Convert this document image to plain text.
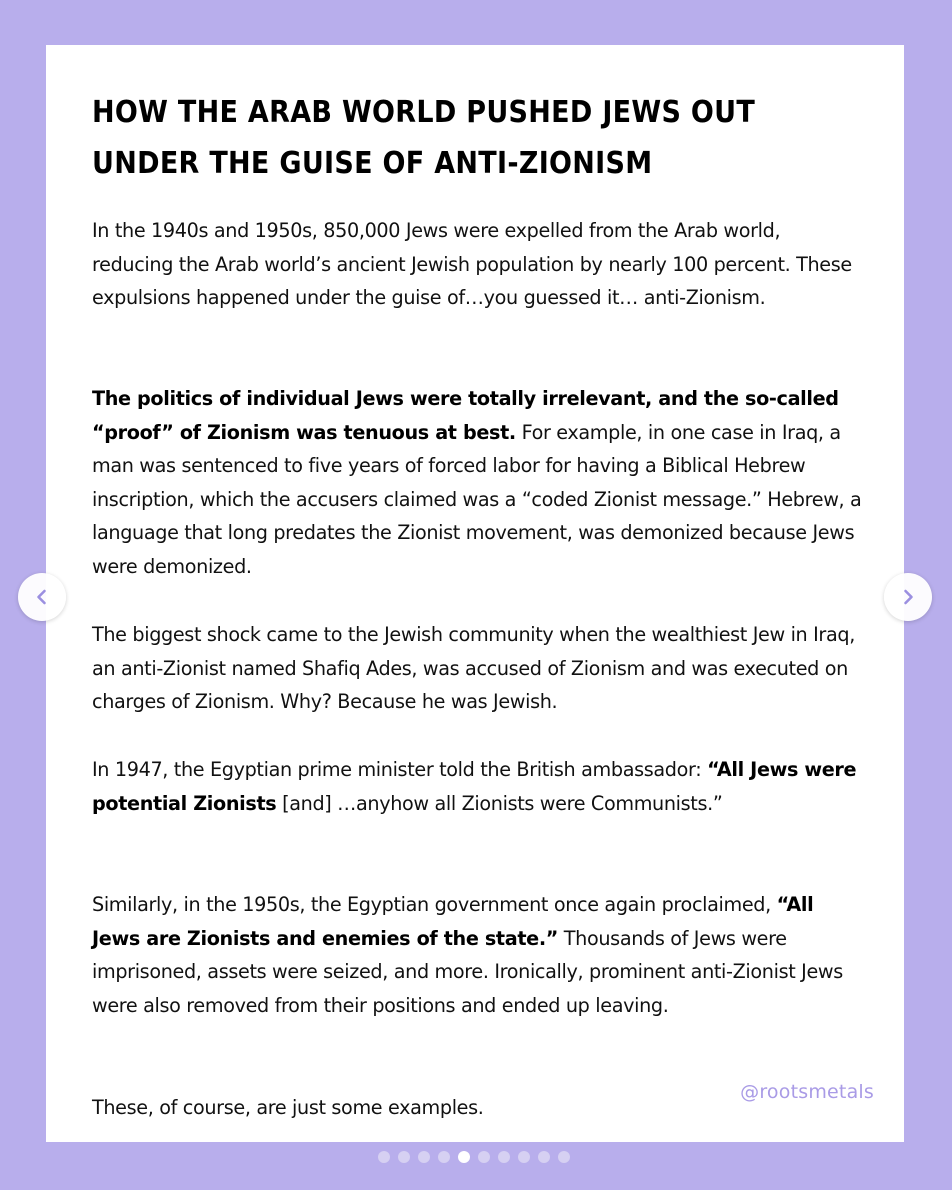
HOW THE ARAB WORLD PUSHED JEWS OUT UNDER THE GUISE OF ANTI-ZIONISM

In the 1940s and 1950s, 850,000 Jews were expelled from the Arab world, reducing the Arab world’s ancient Jewish population by nearly 100 percent. These expulsions happened under the guise of…you guessed it… anti-Zionism.

The politics of individual Jews were totally irrelevant, and the so-called “proof” of Zionism was tenuous at best. For example, in one case in Iraq, a man was sentenced to five years of forced labor for having a Biblical Hebrew inscription, which the accusers claimed was a “coded Zionist message.” Hebrew, a language that long predates the Zionist movement, was demonized because Jews were demonized.

The biggest shock came to the Jewish community when the wealthiest Jew in Iraq, an anti-Zionist named Shafiq Ades, was accused of Zionism and was executed on charges of Zionism. Why? Because he was Jewish.

In 1947, the Egyptian prime minister told the British ambassador: “All Jews were potential Zionists [and] …anyhow all Zionists were Communists.”

Similarly, in the 1950s, the Egyptian government once again proclaimed, “All Jews are Zionists and enemies of the state.” Thousands of Jews were imprisoned, assets were seized, and more. Ironically, prominent anti-Zionist Jews were also removed from their positions and ended up leaving.

These, of course, are just some examples.

@rootsmetals
